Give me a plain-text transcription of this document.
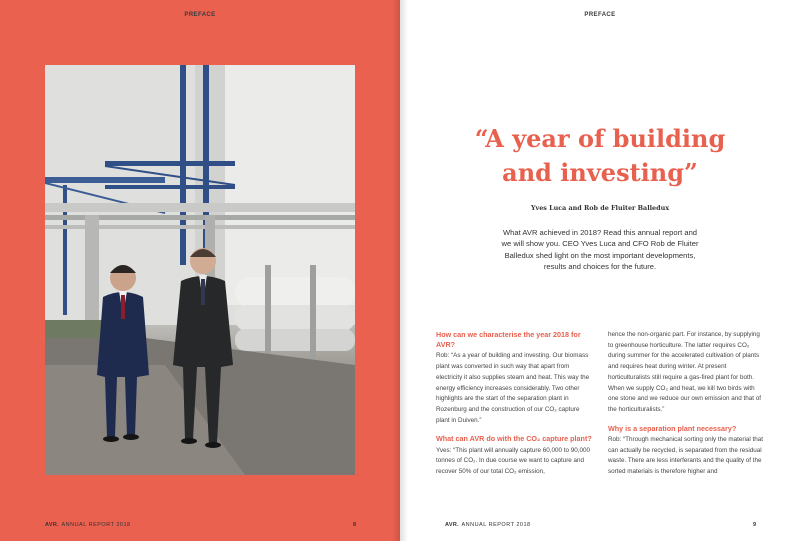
PREFACE
AVR. ANNUAL REPORT 2018	8
PREFACE
“A year of building
and investing”
Yves Luca and Rob de Fluiter Balledux
What AVR achieved in 2018? Read this annual report and we will show you. CEO Yves Luca and CFO Rob de Fluiter Balledux shed light on the most important developments, results and choices for the future.
How can we characterise the year 2018 for AVR?

Rob: “As a year of building and investing. Our biomass plant was converted in such way that apart from electricity it also supplies steam and heat. This way the energy efficiency increases considerably. Two other highlights are the start of the separation plant in Rozenburg and the construction of our CO₂ capture plant in Duiven.”

What can AVR do with the CO₂ capture plant?

Yves: “This plant will annually capture 60,000 to 90,000 tonnes of CO₂. In due course we want to capture and recover 50% of our total CO₂ emission,

hence the non-organic part. For instance, by supplying to greenhouse horticulture. The latter requires CO₂ during summer for the accelerated cultivation of plants and requires heat during winter. At present horticulturalists still require a gas-fired plant for both. When we supply CO₂ and heat, we kill two birds with one stone and we reduce our own emission and that of the horticulturalists.”

Why is a separation plant necessary?

Rob: “Through mechanical sorting only the material that can actually be recycled, is separated from the residual waste. There are less interferants and the quality of the sorted materials is therefore higher and

AVR. ANNUAL REPORT 2018	9
